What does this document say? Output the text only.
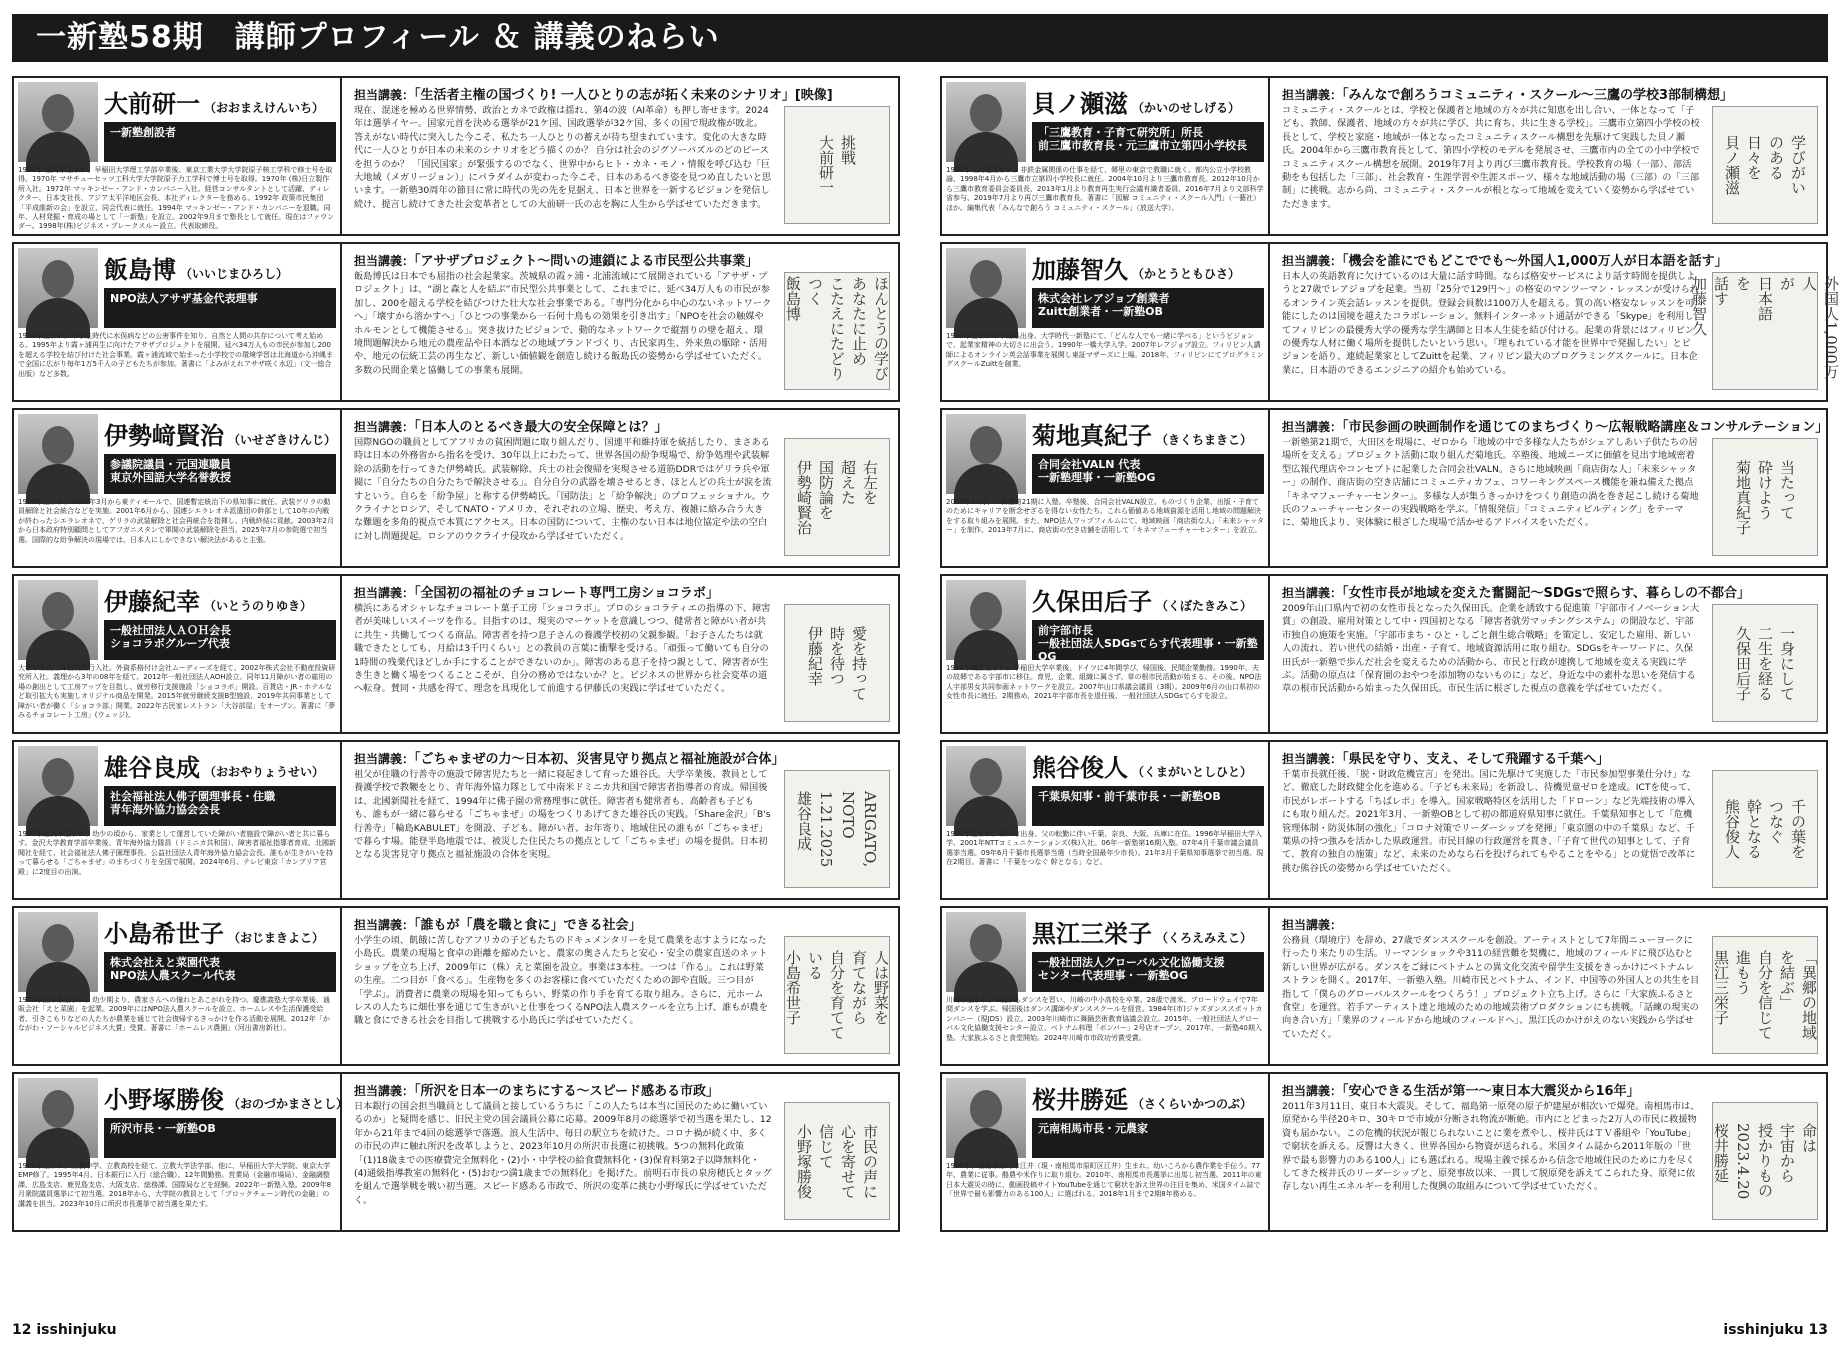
一新塾58期　講師プロフィール ＆ 講義のねらい
大前研一 （おおまえけんいち）
一新塾創設者
1943年 福岡県生まれ。早稲田大学理工学部卒業後、東京工業大学大学院原子核工学科で修士号を取得。1970年 マサチューセッツ工科大学大学院原子力工学科で博士号を取得。1970年 (株)日立製作所入社。1972年 マッキンゼー・アンド・カンパニー入社。経営コンサルタントとして活躍、ディレクター、日本支社長、アジア太平洋地区会長、本社ディレクターを務める。1992年 政策市民集団「平成維新の会」を設立、同会代表に就任。1994年 マッキンゼー・アンド・カンパニーを退職。同年、人材発掘・育成の場として「一新塾」を設立。2002年9月まで塾長として就任。現在はファウンダー。1998年(株)ビジネス・ブレークスルー設立。代表取締役。
担当講義：「生活者主権の国づくり! 一人ひとりの志が拓く未来のシナリオ」[映像]
現在、混迷を極める世界情勢、政治とカネで政権は揺れ、第4の波（AI革命）も押し寄せます。2024年は選挙イヤー。国家元首を決める選挙が21ケ国、国政選挙が32ケ国、多くの国で現政権が敗北。答えがない時代に突入した今こそ、私たち一人ひとりの蓄えが待ち望まれています。変化の大きな時代に一人ひとりが日本の未来のシナリオをどう描くのか？ 自分は社会のジグソーパズルのどのピースを担うのか？ 「国民国家」が緊張するのでなく、世界中からヒト・カネ・モノ・情報を呼び込む「巨大地域（メガリージョン）」にパラダイムが変わった今こそ、日本のあるべき姿を見つめ直したいと思います。一新塾30周年の節目に常に時代の先の先を見据え、日本と世界を一新するビジョンを発信し続け、提言し続けてきた社会変革者としての大前研一氏の志を胸に人生から学ばせていただきます。
挑戦
大前研一
飯島博 （いいじまひろし）
NPO法人アサザ基金代表理事
1956年生まれ。中学生時代に水俣病などの公害事件を知り、自然と人間の共存について考え始める。1995年より霞ヶ浦再生に向けたアサザプロジェクトを展開。延べ34万人もの市民が参加し200を超える学校を結び付けた社会事業。霞ヶ浦流域で始まった小学校での環境学習は北海道から沖縄まで全国に広がり毎年1万5千人の子どもたちが参加。著書に「よみがえれアサザ咲く水辺」（文一総合出版）など多数。
担当講義：「アサザプロジェクト〜問いの連鎖による市民型公共事業」
飯島博氏は日本でも屈指の社会起業家。茨城県の霞ヶ浦・北浦流域にて展開されている「アサザ・プロジェクト」は、“湖と森と人を結ぶ”市民型公共事業として、これまでに、延べ34万人もの市民が参加し、200を超える学校を結びつけた壮大な社会事業である。「専門分化から中心のないネットワークへ」「壊すから溶かすへ」「ひとつの事業から一石何十鳥もの効果を引き出す」「NPOを社会の触媒やホルモンとして機能させる」。突き抜けたビジョンで、動的なネットワークで縦割りの壁を超え、環境問題解決から地元の農産品や日本酒などの地域ブランドづくり、古民家再生、外来魚の駆除・活用や、地元の伝統工芸の再生など、新しい価値観を創造し続ける飯島氏の姿勢から学ばせていただく。多数の民間企業と協働しての事業も展開。	ほんとうの学び
あなたに止め
こたえにたどりつく
飯島博
伊勢﨑賢治 （いせざきけんじ）
参議院議員・元国連職員
東京外国語大学名誉教授
1957年生まれ。2000年3月から東ティモールで、国連暫定統治下の県知事に就任。武装ゲリラの動員解除と社会統合などを実施。2001年6月から、国連シエラレオネ派遣団の幹部として10年の内戦が終わったシエラレオネで、ゲリラの武装解除と社会再統合を指揮し、内戦終結に貢献。2003年2月から日本政府特別顧問としてアフガニスタンで軍閥の武装解除を担当。2025年7月の参院選で初当選。国際的な紛争解決の現場では、日本人にしかできない解決法があると主張。
担当講義：「日本人のとるべき最大の安全保障とは？」
国際NGOの職員としてアフリカの貧困問題に取り組んだり、国連平和維持軍を統括したり、まさある時は日本の外務省から指名を受け、30年以上にわたって、世界各国の紛争現場で、紛争処理や武装解除の活動を行ってきた伊勢崎氏。武装解除、兵士の社会復帰を実現させる道筋DDRではゲリラ兵や軍閥に「自分たちの自分たちで解決させる」。自分自分の武器を壊させるとき、ほとんどの兵士が涙を流すという。自らを「紛争屋」と称する伊勢崎氏。「国防法」と「紛争解決」のプロフェッショナル。ウクライナとロシア、そしてNATO・アメリカ、それぞれの立場、歴史、考え方、複雑に絡み合う大きな難題を多角的視点で本質にアクセス。日本の国防について、主権のない日本は地位協定や法の空白に対し問題提起。ロシアのウクライナ侵攻から学ばせていただく。
右左を
超えた
国防論を
伊勢崎賢治
伊藤紀幸 （いとうのりゆき）
一般社団法人ＡＯＨ会長
ショコラボグループ代表
大学卒業後三井信託銀行入社。外資系格付け会社ムーディーズを経て、2002年株式会社不動産投資研究所入社。義理から3年の08年を経て、2012年一般社団法人AOH設立。同年11月障がい者の雇用の場の創出として工房アップを目指し、就労移行支援施設「ショコラボ」開設。百貨店・JR・ホテルなど取引拡大も実施しオリジナル商品を開発。2015年就労継続支援B型施設、2019年共同事業として障がい者が働く「ショコラ部」開業。2022年古民家レストラン「大谷部屋」をオープン。著書に「夢みるチョコレート工房」(ウェッジ)。
担当講義：「全国初の福祉のチョコレート専門工房ショコラボ」
横浜にあるオシャレなチョコレート菓子工房「ショコラボ」。プロのショコラティエの指導の下、障害者が美味しいスイーツを作る。目指すのは、現実のマーケットを意識しつつ、健常者と障がい者が共に共生・共働してつくる商品。障害者を持つ息子さんの養護学校初の父親参観。「お子さんたちは就職できたとしても、月給は3千円くらい」との教員の言葉に衝撃を受ける。「頑張って働いても自分の1時間の残業代ほどしか手にすることができないのか」。障害のある息子を持つ親として、障害者が生き生きと働く場をつくることこそが、自分の務めではないか？と。ビジネスの世界から社会変革の道へ転身。賛同・共感を得て、理念を具現化して前進する伊藤氏の実践に学ばせていただく。	愛を持って
時を待つ
伊藤紀幸
雄谷良成 （おおやりょうせい）
社会福祉法人佛子園理事長・住職
青年海外協力協会会長
1961年金沢市生まれ。幼少の頃から、家業として運営していた障がい者施設で障がい者と共に暮らす。金沢大学教育学部卒業後、青年海外協力隊員（ドミニカ共和国）、障害者福祉指導者育成、北國新聞社を経て、社会福祉法人佛子園理事長、公益社団法人青年海外協力協会会長。誰もが生きがいを持って暮らせる「ごちゃまぜ」のまちづくりを全国で展開。2024年6月、テレビ東京「カンブリア宮殿」に2度目の出演。
担当講義：「ごちゃまぜの力〜日本初、災害見守り拠点と福祉施設が合体」
祖父が住職の行善寺の施設で障害児たちと一緒に寝起きして育った雄谷氏。大学卒業後、教員として養護学校で教鞭をとり、青年海外協力隊として中南米ドミニカ共和国で障害者指導者の育成。帰国後は、北國新聞社を経て、1994年に佛子園の常務理事に就任。障害者も健常者も、高齢者も子どもも、誰もが一緒に暮らせる「ごちゃまぜ」の場をつくりあげてきた雄谷氏の実践。「Share金沢」「B's行善寺」「輪島KABULET」を開設、子ども、障がい者、お年寄り、地域住民の誰もが「ごちゃまぜ」で暮らす場。能登半島地震では、被災した住民たちの拠点として「ごちゃまぜ」の場を提供。日本初となる災害見守り拠点と福祉施設の合体を実現。	ARIGATO,
NOTO
1.21.2025
雄谷良成
小島希世子 （おじまきよこ）
株式会社えと菜園代表
NPO法人農スクール代表
1978年熊本県生まれ。幼少期より、農家さんへの憧れとあこがれを持つ。慶應義塾大学卒業後、通販会社「えと菜園」を起業。2009年にはNPO法人農スクールを設立、ホームレスや生活保護受給者、引きこもりなどの人たちが農業を通じて社会復帰するきっかけを作る活動を展開。2012年「かながわ・ソーシャルビジネス大賞」受賞。著書に「ホームレス農園」（河出書房新社）。
担当講義：「誰もが「農を職と食に」できる社会」
小学生の頃、飢餓に苦しむアフリカの子どもたちのドキュメンタリーを見て農業を志すようになった小島氏。農業の現場と食卓の距離を縮めたいと、農家の奥さんたちと安心・安全の農家直送のネットショップを立ち上げ、2009年に（株）えと菜園を設立。事業は3本柱。一つは「作る」。これは野菜の生産。二つ目が「食べる」。生産物を多くのお客様に食べていただくための卸や直販。三つ目が「学ぶ」。消費者に農業の現場を知ってもらい、野菜の作り手を育てる取り組み。さらに、元ホームレスの人たちに畑仕事を通じて生きがいと仕事をつくるNPO法人農スクールを立ち上げ、誰もが農を職と食にできる社会を目指して挑戦する小島氏に学ばせていただく。	人は野菜を
育てながら
自分を育てて
いる
小島希世子
小野塚勝俊 （おのづかまさとし）
所沢市長・一新塾OB
1972年生まれ。立教中学、立教高校を経て、立教大学法学部、他に、早稲田大学大学院、東京大学EMP修了。1995年4月、日本銀行に入行（総合職）、12年間勤務。営業局（金融市場局）、金融調整課、広島支店、鹿児島支店、大阪支店、総務課、国際局などを経験。2022年一新塾入塾。2009年8月衆院議員選挙にて初当選。2018年から、大学院の教員として「ブロックチェーン時代の金融」の講義を担当。2023年10月に所沢市長選挙で初当選を果たす。
担当講義：「所沢を日本一のまちにする〜スピード感ある市政」
日本銀行の国会担当職員として議員と接しているうちに「この人たちは本当に国民のために働いているのか」と疑問を感じ、旧民主党の国会議員公募に応募。2009年8月の総選挙で初当選を果たし、12年から21年まで4回の総選挙で落選。浪人生活中、毎日の駅立ちを続けた。コロナ禍が続く中、多くの市民の声に触れ所沢を改革しようと、2023年10月の所沢市長選に初挑戦。5つの無料化政策「(1)18歳までの医療費完全無料化・(2)小・中学校の給食費無料化・(3)保育料第2子以降無料化・(4)通級指導教室の無料化・(5)おむつ満1歳までの無料化」を掲げた。前明石市長の泉房穂氏とタッグを組んで選挙戦を戦い初当選。スピード感ある市政で、所沢の変革に挑む小野塚氏に学ばせていただく。
市民の声に
心を寄せて
信じて
小野塚勝俊
貝ノ瀬滋 （かいのせしげる）
「三鷹教育・子育て研究所」所長
前三鷹市教育長・元三鷹市立第四小学校長
1948年北海道生まれ。非鉄金属関係の仕事を経て、郷里の東京で教職に就く。都内公立小学校教諭、1998年4月から三鷹市立第四小学校長に就任。2004年10月より三鷹市教育長。2012年10月から三鷹市教育委員会委員長、2013年1月より教育再生実行会議有識者委員、2016年7月より文部科学省参与、2019年7月より再び三鷹市教育長。著書に「図解 コミュニティ・スクール入門」（一藝社）ほか。編集代表「みんなで創ろう コミュニティ・スクール」（放送大学）。
担当講義：「みんなで創ろうコミュニティ・スクール〜三鷹の学校3部制構想」
コミュニティ・スクールとは、学校と保護者と地域の方々が共に知恵を出し合い、一体となって「子ども、教師、保護者、地域の方々が共に学び、共に育ち、共に生きる学校」。三鷹市立第四小学校の校長として、学校と家庭・地域が一体となったコミュニティスクール構想を先駆けて実践した貝ノ瀬氏。2004年から三鷹市教育長として、第四小学校のモデルを発展させ、三鷹市内の全ての小中学校でコミュニティスクール構想を展開。2019年7月より再び三鷹市教育長。学校教育の場（一部）、部活動をも包括した「三部」、社会教育・生涯学習や生涯スポーツ、様々な地域活動の場（三部）の「三部制」に挑戦。志から尚、コミュニティ・スクールが根となって地域を変えていく姿勢から学ばせていただきます。
学びがい
のある
日々を
貝ノ瀬滋
加藤智久 （かとうともひさ）
株式会社レアジョブ創業者
Zuitt創業者・一新塾OB
1980年生まれの千葉県出身。大学時代一新塾にて、「どんな人でも一緒に学べる」というビジョンで、起業家精神の大切さに出会う。1990年一橋大学入学。2007年レアジョブ設立。フィリピン人講師によるオンライン英会話事業を展開し東証マザーズに上場。2018年、フィリピンにてプログラミングスクールZuittを創業。
担当講義：「機会を誰にでもどこででも〜外国人1,000万人が日本語を話す」
日本人の英語教育に欠けているのは大量に話す時間。ならば格安サービスにより話す時間を提供しようと27歳でレアジョブを起業。当初「25分で129円〜」の格安のマンツーマン・レッスンが受けられるオンライン英会話レッスンを提供。登録会員数は100万人を超える。質の高い格安なレッスンを可能にしたのは国境を越えたコラボレーション。無料インターネット通話ができる「Skype」を利用してフィリピンの最優秀大学の優秀な学生講師と日本人生徒を結び付ける。起業の背景にはフィリピンの優秀な人材に働く場所を提供したいという思い。「埋もれている才能を世界中で発掘したい」とビジョンを語り、連続起業家としてZuittを起業、フィリピン最大のプログラミングスクールに。日本企業に、日本語のできるエンジニアの紹介も始めている。	外国人1,000万人
が
日本語
を
話す
加藤智久
菊地真紀子 （きくちまきこ）
合同会社VALN 代表
一新塾理事・一新塾OG
2007年11月、一新塾第21期に入塾。卒塾後、合同会社VALN設立。ものづくり企業、出版・子育てのためにキャリアを断念せざるを得ない女性たち、これら価値ある地域資源を活用し地域の問題解決をする取り組みを展開。また、NPO法人ワップフィルムにて、地域映画「商店街な人」「未来シャッター」を制作。2013年7月に、商店街の空き店舗を活用して「キネマフューチャーセンター」を設立。
担当講義：「市民参画の映画制作を通じてのまちづくり〜広報戦略講座＆コンサルテーション」
一新塾第21期で、大田区を現場に、ゼロから「地域の中で多様な人たちがシェアしあい子供たちの居場所を支える」プロジェクト活動に取り組んだ菊地氏。卒塾後、地域ニーズに価値を見出す地域密着型広報代理店やコンセプトに起業した合同会社VALN。さらに地域映画「商店街な人」「未来シャッター」の制作、商店街の空き店舗にコミュニティカフェ、コワーキングスペース機能を兼ね備えた拠点「キネマフューチャーセンター」。多様な人が集うきっかけをつくり創造の渦を巻き起こし続ける菊地氏のフューチャーセンターの実践戦略を学ぶ。「情報発信」「コミュニティビルディング」をテーマに、菊地氏より、実体験に根ざした現場で活かせるアドバイスをいただく。
当たって
砕けよう
菊地真紀子
久保田后子 （くぼたきみこ）
前宇部市長
一般社団法人SDGsてらす代表理事・一新塾OG
1956年東京生まれ。早稲田大学卒業後、ドイツに4年間学び、帰国後、民間企業勤務。1990年、夫の故郷である宇部市に移住。育児、企業、組織に属さず、草の根市民活動が始まる。その後、NPO法人宇部男女共同参画ネットワークを設立。2007年山口県議会議員（3期）。2009年6月の山口県初の女性市長に就任。2期務め、2021年宇部市長を退任後、一般社団法人SDGsてらすを設立。
担当講義：「女性市長が地域を変えた奮闘記〜SDGsで照らす、暮らしの不都合」
2009年山口県内で初の女性市長となった久保田氏。企業を誘致する促進策「宇部市イノベーション大賞」の創設、雇用対策として中・四国初となる「障害者就労マッチングシステム」の開設など、宇部市独自の施策を実施。「宇部市まち・ひと・しごと創生総合戦略」を策定し、安定した雇用、新しい人の流れ、若い世代の結婚・出産・子育て、地域資源活用に取り組む。SDGsをキーワードに、久保田氏が一新塾で歩んだ社会を変えるための活動から、市民と行政が連携して地域を変える実践に学ぶ。活動の原点は「保育園のおやつを添加物のないものに」など、身近な中の素朴な思いを発信する草の根市民活動から始まった久保田氏。市民生活に根ざした視点の意義を学ばせていただく。	一身にして
二生を経る
久保田后子
熊谷俊人 （くまがいとしひと）
千葉県知事・前千葉市長・一新塾OB
1978年生まれ。神戸市出身。父の転勤に伴い千葉、奈良、大阪、兵庫に在住。1996年早稲田大学入学、2001年NTTコミュニケーションズ(株)入社。06年一新塾第16期入塾。07年4月千葉市議会議員選挙当選。09年6月千葉市長選挙当選（当時全国最年少市長）。21年3月千葉県知事選挙で初当選、現在2期目。著書に「千葉をつなぐ 幹となる」など。
担当講義：「県民を守り、支え、そして飛躍する千葉へ」
千葉市長就任後、「脱・財政危機宣言」を発出。国に先駆けて実施した「市民参加型事業仕分け」など、徹底した財政健全化を進める。「子ども未来局」を新設し、待機児童ゼロを達成。ICTを使って、市民がレポートする「ちばレポ」を導入。国家戦略特区を活用した「ドローン」など先端技術の導入にも取り組んだ。2021年3月、一新塾OBとして初の都道府県知事に就任。千葉県知事として「危機管理体制・防災体制の強化」「コロナ対策でリーダーシップを発揮」「東京圏の中の千葉県」など、千葉県の持つ強みを活かした県政運営。市民目線の行政運営を貫き、「子育て世代の知事として、子育て、教育の独自の施策」など、未来のためなら石を投げられてもやることをやる」との覚悟で改革に挑む熊谷氏の姿勢から学ばせていただく。
千の葉を
つなぐ
幹となる
熊谷俊人
黒江三栄子 （くろえみえこ）
一般社団法人グローバル文化協働支援
センター代表理事・一新塾OG
川崎市生まれ。4歳からダンスを習い、川崎の中小高校を卒業。28歳で渡米、ブロードウェイで7年間ダンスを学ぶ。帰国後はダンス講師やダンススクールを経営。1984年(市)ジャズダンススポットカンパニー（現JDS）設立。2003年川崎市に舞踊芸術教育協議会設立。2015年、一般社団法人グローバル文化協働支援センター設立、ベトナム料理「ボンバー」2号店オープン。2017年、一新塾40期入塾。大家族ふるさと食堂開始。2024年川崎市市政功労賞受賞。
担当講義：
公務員（環境庁）を辞め、27歳でダンススクールを創設。アーティストとして7年間ニューヨークに行ったり来たりの生活。リーマンショックや311の経営難を契機に、地域のフィールドに飛び込むと新しい世界が広がる。ダンスをご縁にベトナムとの異文化交流や留学生支援をきっかけにベトナムレストランを開く。2017年、一新塾入塾。川崎市民とベトナム、インド、中国等の外国人との共生を目指して「僕らのグローバルスクールをつくろう！」プロジェクト立ち上げ。さらに「大家族ふるさと食堂」を運営。若手アーティスト達と地域のための地域芸術プロダクションにも挑戦。「話練の現実の向き合い方」「業界のフィールドから地域のフィールドへ」、黒江氏のかけがえのない実践から学ばせていただく。	「異郷の地域
を結ぶ」
自分を信じて
進もう
黒江三栄子
桜井勝延 （さくらいかつのぶ）
元南相馬市長・元農家
1956年、福島県原町市江井（現・南相馬市原町区江井）生まれ。幼いころから農作業を手伝う。77年、農業に従事。酪農や米作りに取り組む。2010年、南相馬市長選挙に出馬し初当選。2011年の東日本大震災の時に、動画投稿サイトYouTubeを通じて窮状を訴え世界の注目を集め、米国タイム誌で「世界で最も影響力のある100人」に選ばれる。2018年1月まで2期8年務める。
担当講義：「安心できる生活が第一〜東日本大震災から16年」
2011年3月11日、東日本大震災。そして、福島第一原発の原子炉建屋が相次いで爆発。南相馬市は、原発から半径20キロ、30キロで市域が分断され物流が断絶。市内にとどまった2万人の市民に救援物資も届かない。この危機的状況が報じられないことに業を煮やし、桜井氏はＴＶ番組や「YouTube」で窮状を訴える。反響は大きく、世界各国から物資が送られる。米国タイム誌から2011年版の「世界で最も影響力のある100人」にも選ばれる。現場主義で採るから信念で地域住民のために力を尽くしてきた桜井氏のリーダーシップと、原発事故以来、一貫して脱原発を訴えてこられた身、原発に依存しない再生エネルギーを利用した復興の取組みについて学ばせていただく。
命は
宇宙から
授かりもの
2023.4.20
桜井勝延
12 isshinjuku	isshinjuku 13
